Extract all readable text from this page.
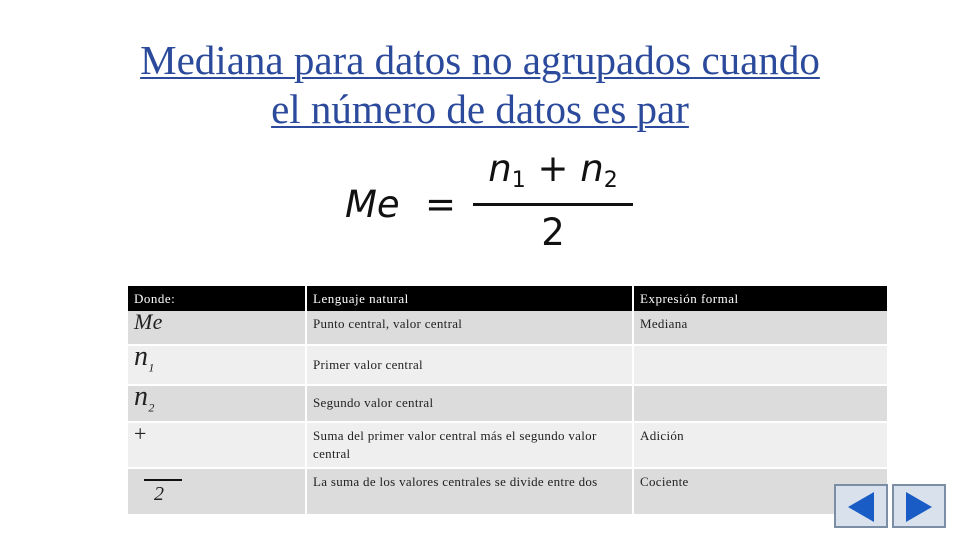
Mediana para datos no agrupados cuando
el número de datos es par
Me =
$n_1 + n_2$
2
Donde:	Lenguaje natural	Expresión formal
Me	Punto central, valor central	Mediana
$n_1$	Primer valor central	
$n_2$	Segundo valor central	
+	Suma del primer valor central más el segundo valor central	Adición

2	La suma de los valores centrales se divide entre dos	Cociente
